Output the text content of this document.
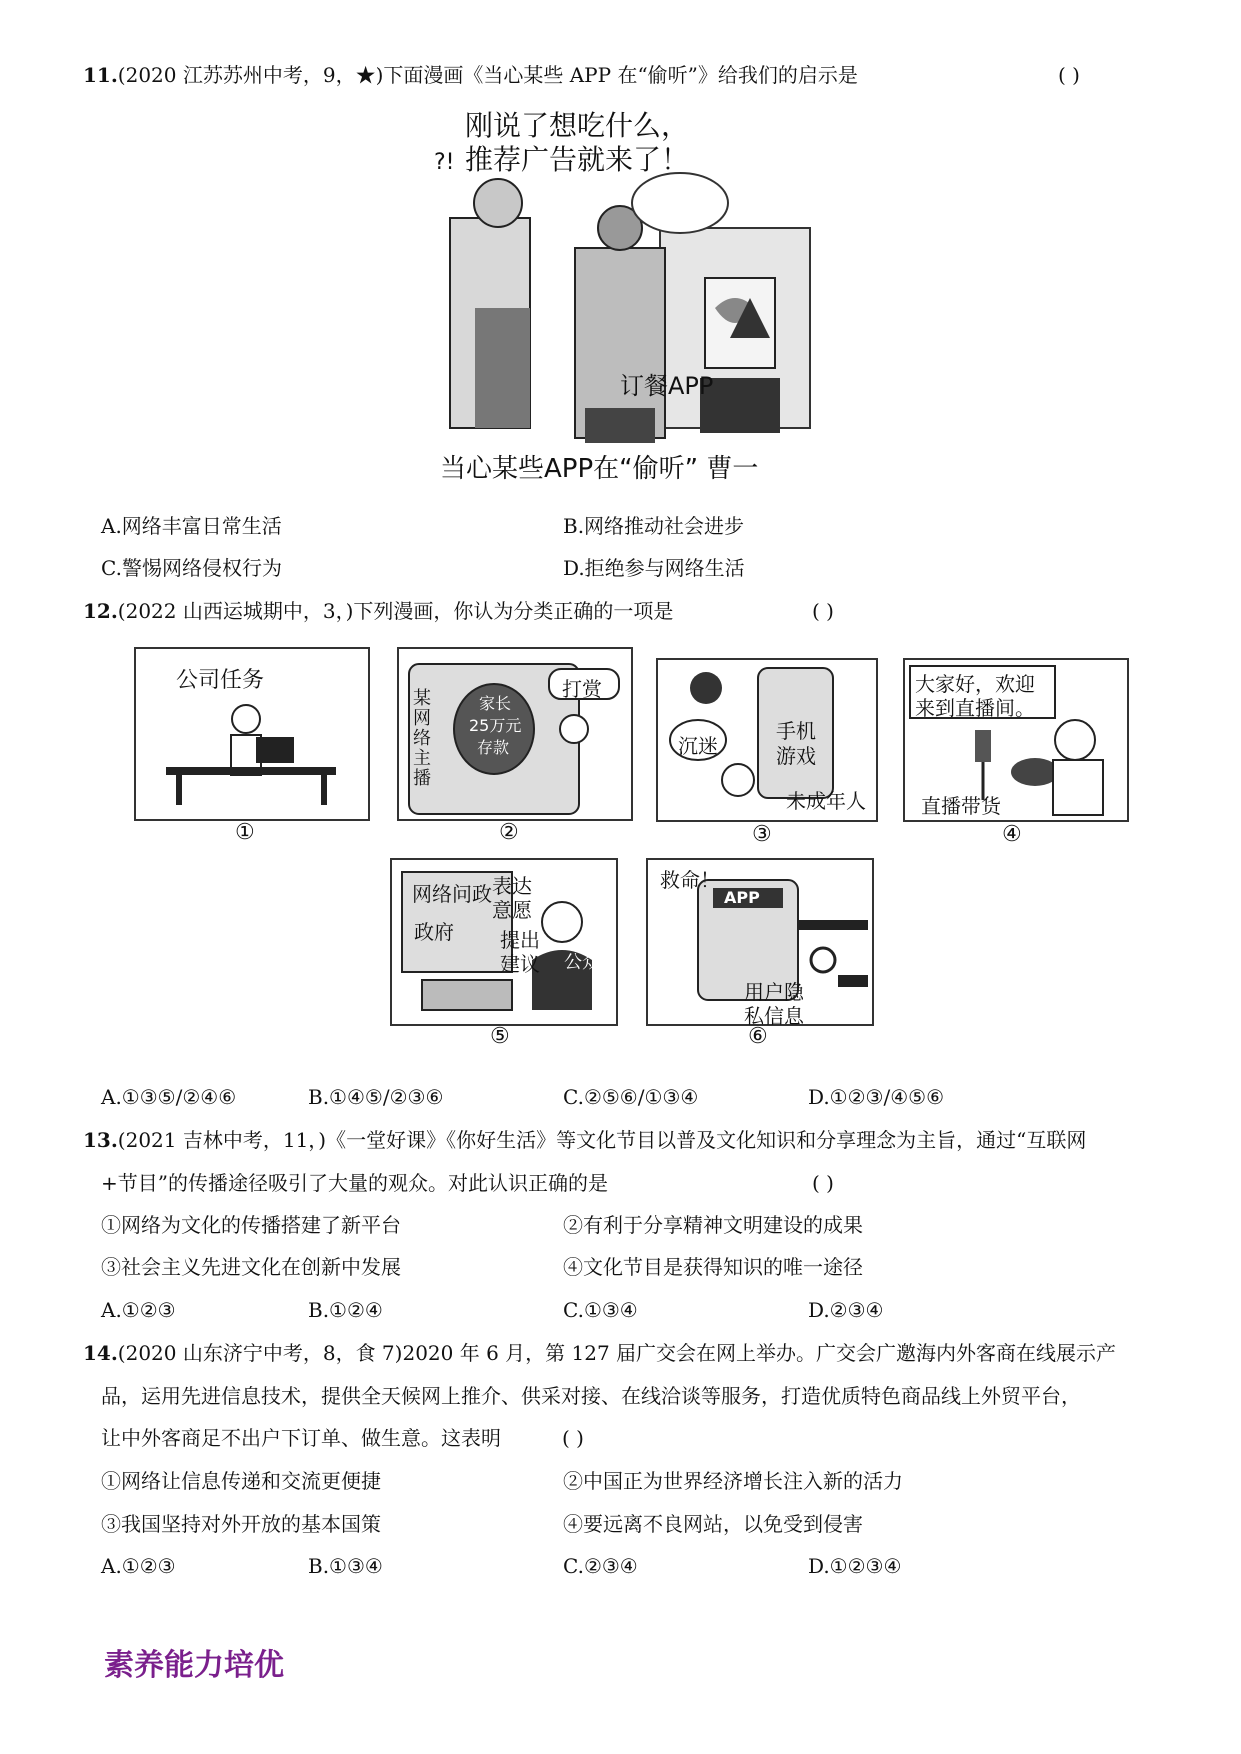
11.(2020 江苏苏州中考，9，★)下面漫画《当心某些 APP 在“偷听”》给我们的启示是	( )
刚说了想吃什么，
推荐广告就来了！
?!
订餐APP
当心某些APP在“偷听” 曹一
A.网络丰富日常生活	B.网络推动社会进步
C.警惕网络侵权行为	D.拒绝参与网络生活
12.(2022 山西运城期中，3，)下列漫画，你认为分类正确的一项是	( )
公司任务
①
某网络主播
家长
25万元
存款
打赏
②
手机
游戏
沉迷
未成年人
③
大家好，欢迎
来到直播间。
直播带货
④
网络问政 表达
意愿
政府 提出
建议 公众
⑤
救命！
APP
用户隐
私信息
⑥
A.①③⑤/②④⑥	B.①④⑤/②③⑥	C.②⑤⑥/①③④	D.①②③/④⑤⑥
13.(2021 吉林中考，11，)《一堂好课》《你好生活》等文化节目以普及文化知识和分享理念为主旨，通过“互联网
+节目”的传播途径吸引了大量的观众。对此认识正确的是	( )
①网络为文化的传播搭建了新平台	②有利于分享精神文明建设的成果
③社会主义先进文化在创新中发展	④文化节目是获得知识的唯一途径
A.①②③	B.①②④	C.①③④	D.②③④
14.(2020 山东济宁中考，8，食 7)2020 年 6 月，第 127 届广交会在网上举办。广交会广邀海内外客商在线展示产
品，运用先进信息技术，提供全天候网上推介、供采对接、在线洽谈等服务，打造优质特色商品线上外贸平台，
让中外客商足不出户下订单、做生意。这表明	( )
①网络让信息传递和交流更便捷	②中国正为世界经济增长注入新的活力
③我国坚持对外开放的基本国策	④要远离不良网站，以免受到侵害
A.①②③	B.①③④	C.②③④	D.①②③④
素养能力培优
